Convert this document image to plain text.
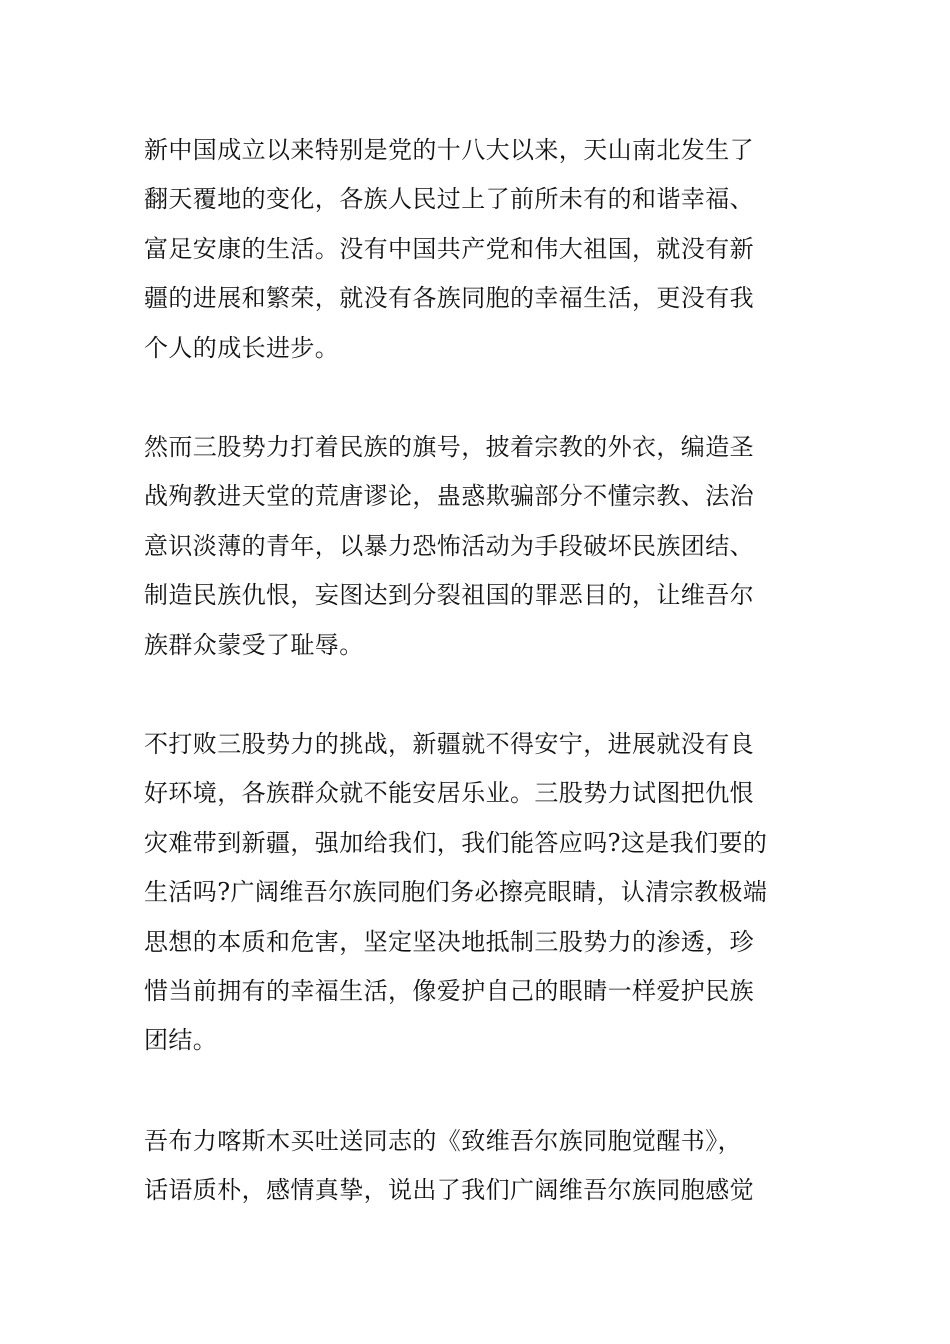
新中国成立以来特别是党的十八大以来，天山南北发生了
翻天覆地的变化，各族人民过上了前所未有的和谐幸福、
富足安康的生活。没有中国共产党和伟大祖国，就没有新
疆的进展和繁荣，就没有各族同胞的幸福生活，更没有我
个人的成长进步。

然而三股势力打着民族的旗号，披着宗教的外衣，编造圣
战殉教进天堂的荒唐谬论，蛊惑欺骗部分不懂宗教、法治
意识淡薄的青年，以暴力恐怖活动为手段破坏民族团结、
制造民族仇恨，妄图达到分裂祖国的罪恶目的，让维吾尔
族群众蒙受了耻辱。

不打败三股势力的挑战，新疆就不得安宁，进展就没有良
好环境，各族群众就不能安居乐业。三股势力试图把仇恨
灾难带到新疆，强加给我们，我们能答应吗?这是我们要的
生活吗?广阔维吾尔族同胞们务必擦亮眼睛，认清宗教极端
思想的本质和危害，坚定坚决地抵制三股势力的渗透，珍
惜当前拥有的幸福生活，像爱护自己的眼睛一样爱护民族
团结。

吾布力喀斯木买吐送同志的《致维吾尔族同胞觉醒书》，
话语质朴，感情真挚，说出了我们广阔维吾尔族同胞感觉
